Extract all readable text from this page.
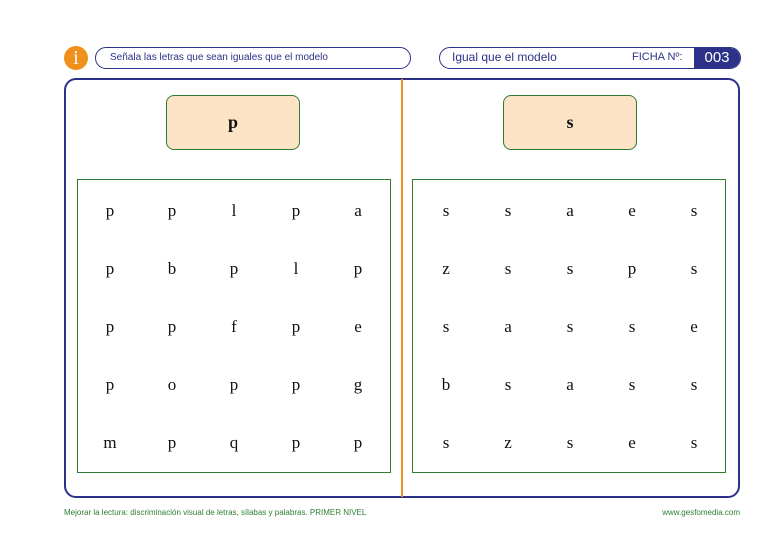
i	Señala las letras que sean iguales que el modelo	Igual que el modelo	FICHA Nº:	003
p	s
p	p	l	p	a
p	b	p	l	p
p	p	f	p	e
p	o	p	p	g
m	p	q	p	p
s	s	a	e	s
z	s	s	p	s
s	a	s	s	e
b	s	a	s	s
s	z	s	e	s
Mejorar la lectura: discriminación visual de letras, sílabas y palabras. PRIMER NIVEL	www.gesfomedia.com
